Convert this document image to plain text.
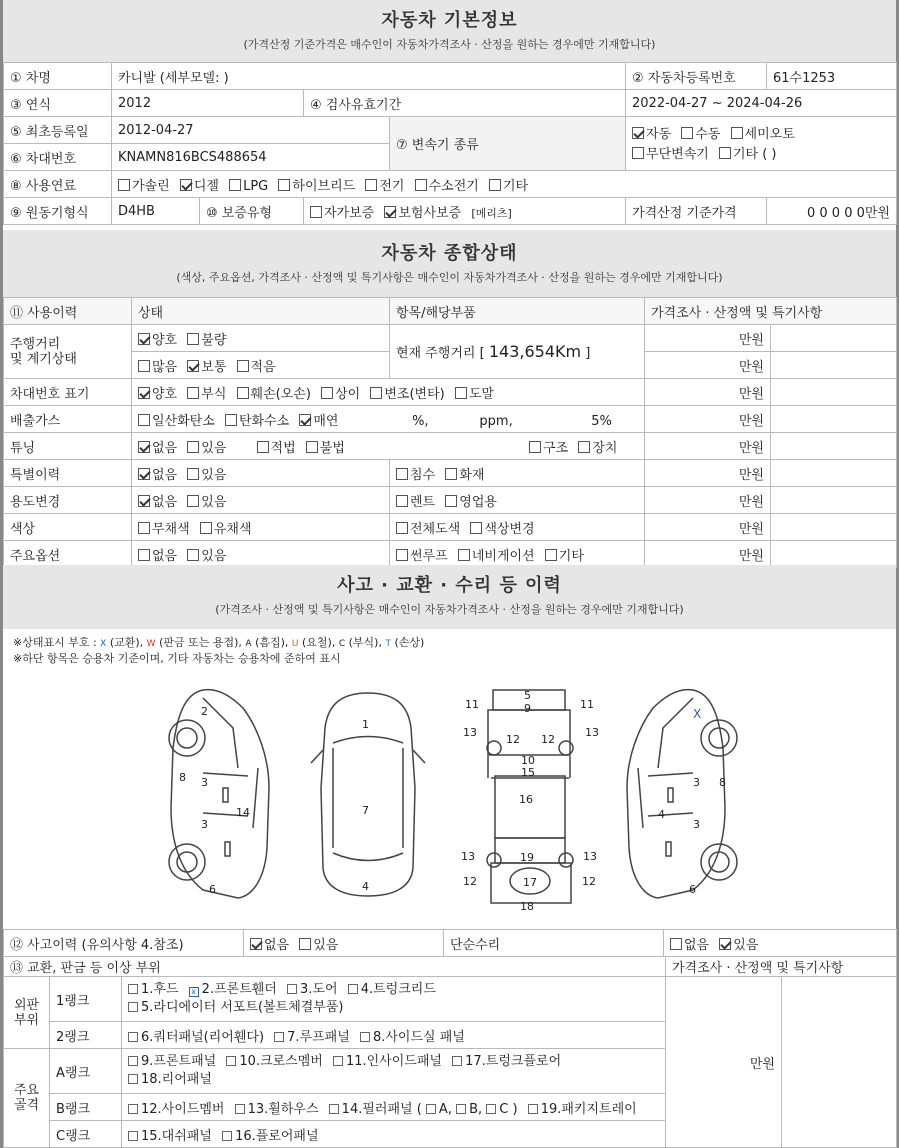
자동차 기본정보
(가격산정 기준가격은 매수인이 자동차가격조사 · 산정을 원하는 경우에만 기재합니다)
① 차명	카니발 (세부모델: )				② 자동차등록번호	61수1253
③ 연식	2012		④ 검사유효기간		2022-04-27 ~ 2024-04-26	
⑤ 최초등록일	2012-04-27			⑦ 변속기 종류	자동 수동 세미오토
무단변속기 기타 ( )	
⑥ 차대번호	KNAMN816BCS488654					
⑧ 사용연료	가솔린 디젤 LPG 하이브리드 전기 수소전기 기타					
⑨ 원동기형식	D4HB	⑩ 보증유형	자가보증 보험사보증 [메리츠]		가격산정 기준가격	0 0 0 0 0만원
자동차 종합상태
(색상, 주요옵션, 가격조사 · 산정액 및 특기사항은 매수인이 자동차가격조사 · 산정을 원하는 경우에만 기재합니다)
⑪ 사용이력	상태	항목/해당부품	가격조사 · 산정액 및 특기사항	
주행거리
및 계기상태	양호 불량	현재 주행거리 [ 143,654Km ]	만원	
	많음 보통 적음		만원	
차대번호 표기	양호 부식 훼손(오손) 상이 변조(변타) 도말		만원	
배출가스	일산화탄소 탄화수소 매연 %, ppm, 5%		만원	
튜닝	없음 있음 적법 불법 구조 장치		만원	
특별이력	없음 있음	침수 화재	만원	
용도변경	없음 있음	렌트 영업용	만원	
색상	무채색 유채색	전체도색 색상변경	만원	
주요옵션	없음 있음	썬루프 네비게이션 기타	만원	
사고 · 교환 · 수리 등 이력
(가격조사 · 산정액 및 특기사항은 매수인이 자동차가격조사 · 산정을 원하는 경우에만 기재합니다)
※상태표시 부호 : X (교환), W (판금 또는 용접), A (흠집), U (요철), C (부식), T (손상)
※하단 항목은 승용차 기준이며, 기타 자동차는 승용차에 준하여 표시
2
8 3
3
14
6
1
7
4
5
9
11	11
13	13
12 12
10
15
16
13	13
19
12	12
17
18
3 8
3
4
6
X
⑫ 사고이력 (유의사항 4.참조)	없음 있음	단순수리	없음 있음
⑬ 교환, 판금 등 이상 부위			가격조사 · 산정액 및 특기사항	
외판
부위	1랭크	1.후드 x 2.프론트휀더 3.도어 4.트렁크리드
5.라디에이터 서포트(볼트체결부품)	만원	
	2랭크	6.쿼터패널(리어휀다) 7.루프패널 8.사이드실 패널		
주요
골격	A랭크	9.프론트패널 10.크로스멤버 11.인사이드패널 17.트렁크플로어
18.리어패널		
	B랭크	12.사이드멤버 13.휠하우스 14.필러패널 ( A, B, C ) 19.패키지트레이		
	C랭크	15.대쉬패널 16.플로어패널		
